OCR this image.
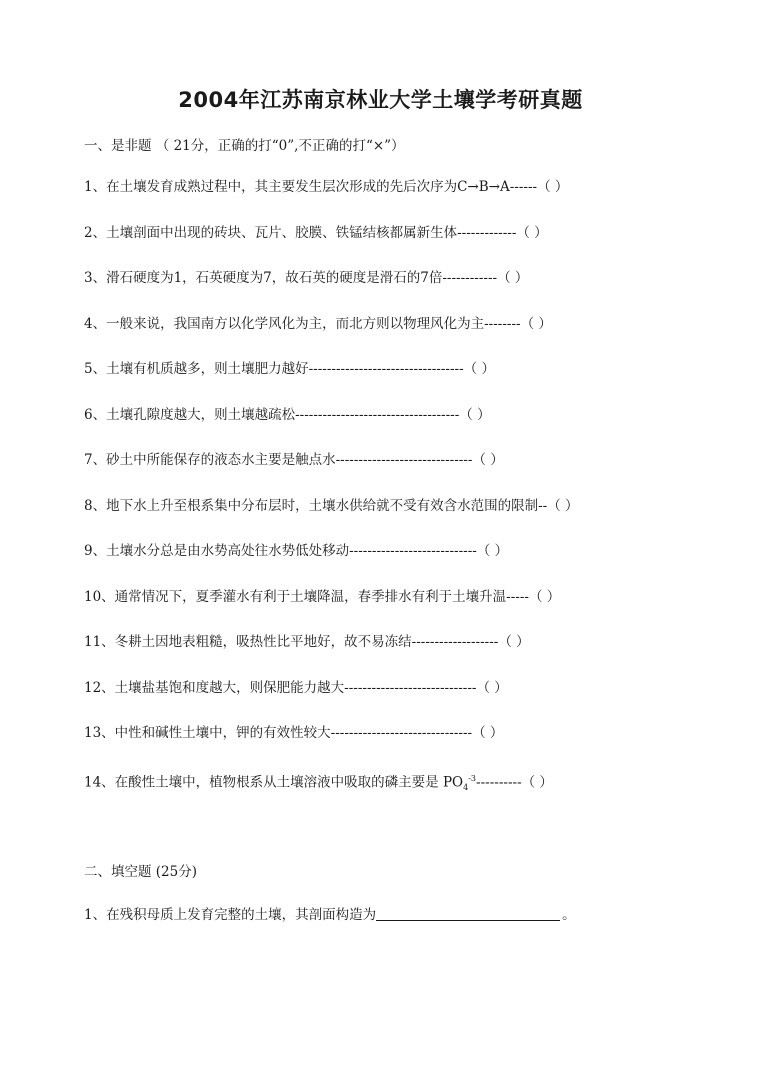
2004年江苏南京林业大学土壤学考研真题

一、是非题 （ 21分，正确的打“0”,不正确的打“×”）

1、在土壤发育成熟过程中，其主要发生层次形成的先后次序为C→B→A------（ ）

2、土壤剖面中出现的砖块、瓦片、胶膜、铁锰结核都属新生体-------------（ ）

3、滑石硬度为1，石英硬度为7，故石英的硬度是滑石的7倍------------（ ）

4、一般来说，我国南方以化学风化为主，而北方则以物理风化为主--------（ ）

5、土壤有机质越多，则土壤肥力越好----------------------------------（ ）

6、土壤孔隙度越大，则土壤越疏松------------------------------------（ ）

7、砂土中所能保存的液态水主要是触点水------------------------------（ ）

8、地下水上升至根系集中分布层时，土壤水供给就不受有效含水范围的限制--（ ）

9、土壤水分总是由水势高处往水势低处移动----------------------------（ ）

10、通常情况下，夏季灌水有利于土壤降温，春季排水有利于土壤升温-----（ ）

11、冬耕土因地表粗糙，吸热性比平地好，故不易冻结-------------------（ ）

12、土壤盐基饱和度越大，则保肥能力越大-----------------------------（ ）

13、中性和碱性土壤中，钾的有效性较大-------------------------------（ ）

14、在酸性土壤中，植物根系从土壤溶液中吸取的磷主要是 $PO_4^{-3}----------$（ ）

二、填空题 (25分)

1、在残积母质上发育完整的土壤，其剖面构造为	。
